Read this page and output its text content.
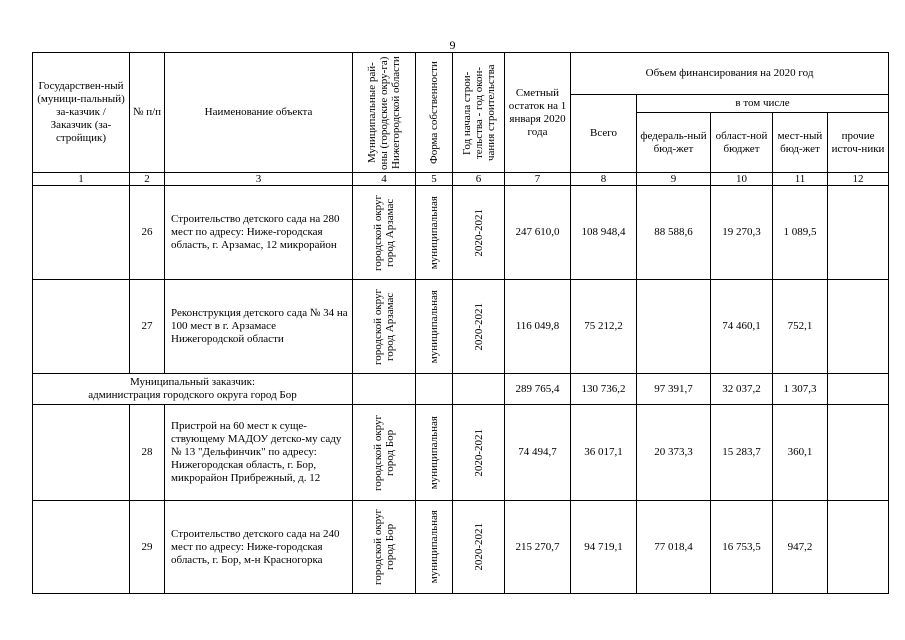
9
Государствен-ный (муници-пальный) за-казчик / Заказчик (за-стройщик)	№ п/п	Наименование объекта	Муниципальные рай-оны (городские окру-га) Нижегородской области	Форма собственности	Год начала строи-тельства - год окон-чания строительства	Сметный остаток на 1 января 2020 года	Объем финансирования на 2020 год				
							Всего	в том числе			
								федераль-ный бюд-жет	област-ной бюджет	мест-ный бюд-жет	прочие источ-ники
1	2	3	4	5	6	7	8	9	10	11	12
	26	Строительство детского сада на 280 мест по адресу: Ниже-городская область, г. Арзамас, 12 микрорайон	городской округ город Арзамас	муниципальная	2020-2021	247 610,0	108 948,4	88 588,6	19 270,3	1 089,5	
	27	Реконструкция детского сада № 34 на 100 мест в г. Арзамасе Нижегородской области	городской округ город Арзамас	муниципальная	2020-2021	116 049,8	75 212,2		74 460,1	752,1	

Муниципальный заказчик:
администрация городского округа город Бор						289 765,4	130 736,2	97 391,7	32 037,2	1 307,3	
	28	Пристрой на 60 мест к суще-ствующему МАДОУ детско-му саду № 13 "Дельфинчик" по адресу: Нижегородская область, г. Бор, микрорайон Прибрежный, д. 12	городской округ город Бор	муниципальная	2020-2021	74 494,7	36 017,1	20 373,3	15 283,7	360,1	
	29	Строительство детского сада на 240 мест по адресу: Ниже-городская область, г. Бор, м-н Красногорка	городской округ город Бор	муниципальная	2020-2021	215 270,7	94 719,1	77 018,4	16 753,5	947,2	
